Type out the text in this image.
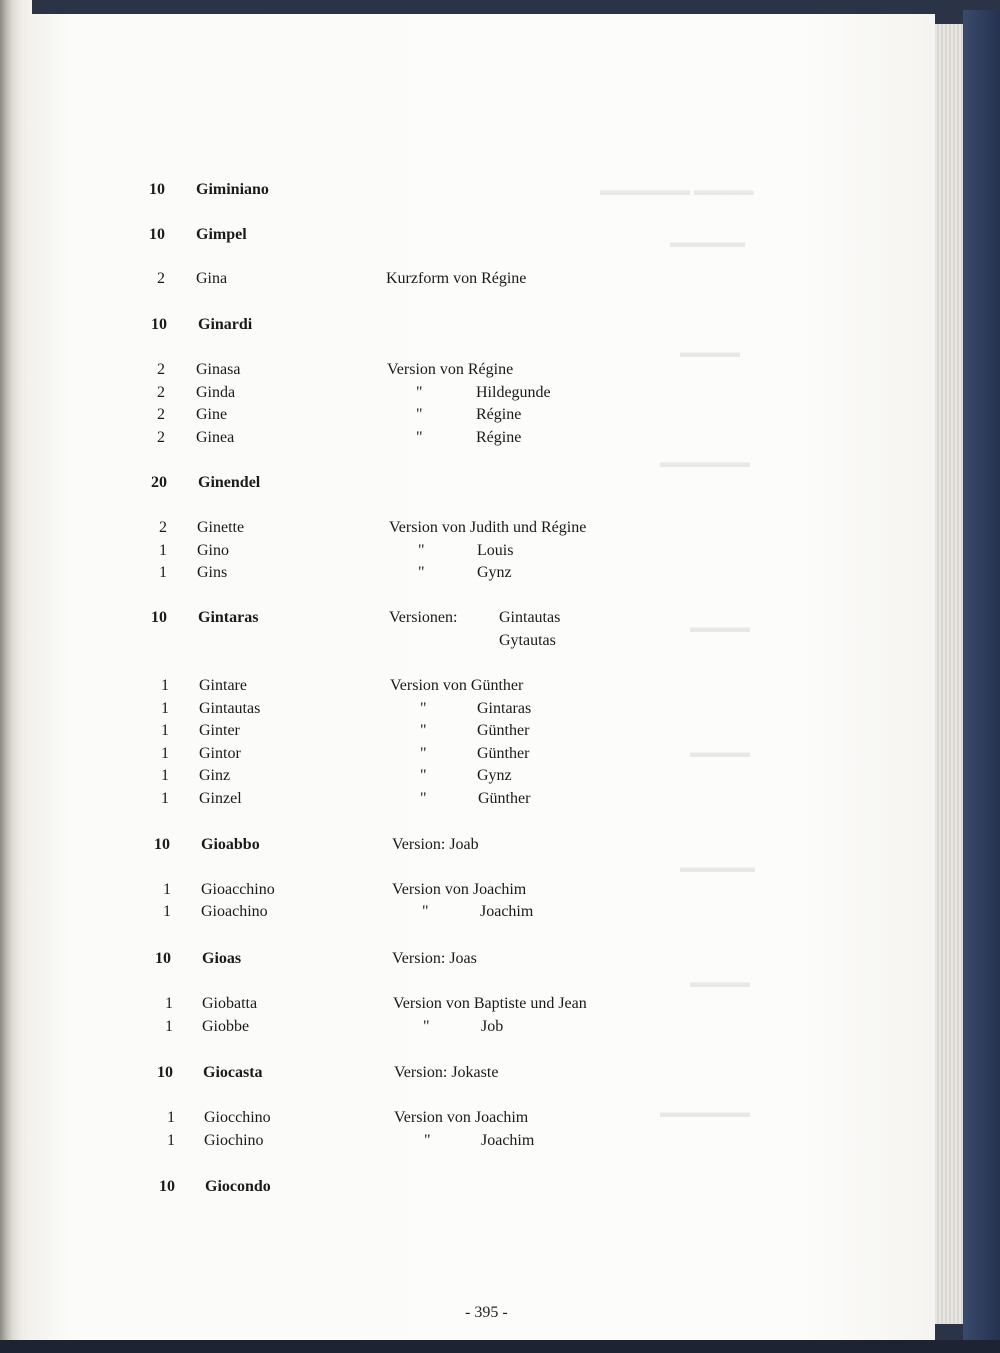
▬▬▬▬ ▬▬▬▬▬▬
▬▬▬▬▬
▬▬▬▬
▬▬▬▬▬▬
▬▬▬▬
▬▬▬▬
▬▬▬▬▬
▬▬▬▬
▬▬▬▬▬▬
10 Giminiano
10 Gimpel
2 Gina	Kurzform von Régine
10 Ginardi
2 Ginasa	Version von Régine
2 Ginda	"	Hildegunde
2 Gine	"	Régine
2 Ginea	"	Régine
20 Ginendel
2 Ginette	Version von Judith und Régine
1 Gino	"	Louis
1 Gins	"	Gynz
10 Gintaras	Versionen:	Gintautas
Gytautas
1 Gintare	Version von Günther
1 Gintautas	"	Gintaras
1 Ginter	"	Günther
1 Gintor	"	Günther
1 Ginz	"	Gynz
1 Ginzel	"	Günther
10 Gioabbo	Version: Joab
1 Gioacchino	Version von Joachim
1 Gioachino	"	Joachim
10 Gioas	Version: Joas
1 Giobatta	Version von Baptiste und Jean
1 Giobbe	"	Job
10 Giocasta	Version: Jokaste
1 Giocchino	Version von Joachim
1 Giochino	"	Joachim
10 Giocondo
- 395 -
